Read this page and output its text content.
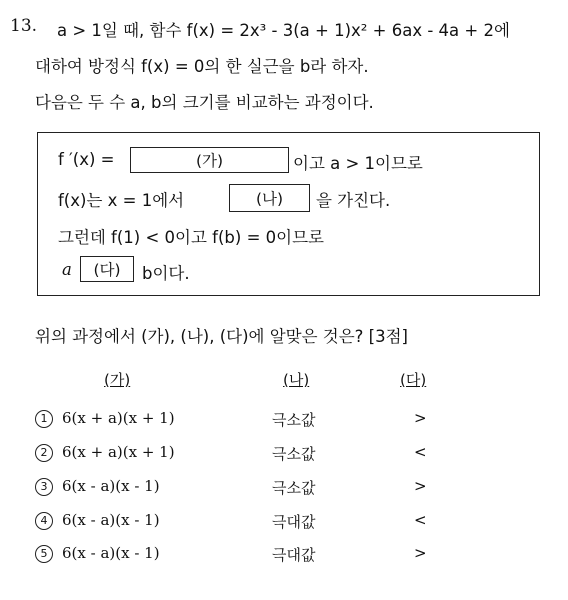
13. a > 1일 때, 함수 f(x) = 2x³ - 3(a + 1)x² + 6ax - 4a + 2에
대하여 방정식 f(x) = 0의 한 실근을 b라 하자.
다음은 두 수 a, b의 크기를 비교하는 과정이다.
f ′(x) =	(가)	이고 a > 1이므로
f(x)는 x = 1에서	(나) 을 가진다.
그런데 f(1) < 0이고 f(b) = 0이므로
a (다) b이다.
위의 과정에서 (가), (나), (다)에 알맞은 것은? [3점]
(가)	(나)	(다)
1 6(x + a)(x + 1)	극소값	>
2 6(x + a)(x + 1)	극소값	<
3 6(x - a)(x - 1)	극소값	>
4 6(x - a)(x - 1)	극대값	<
5 6(x - a)(x - 1)	극대값	>
